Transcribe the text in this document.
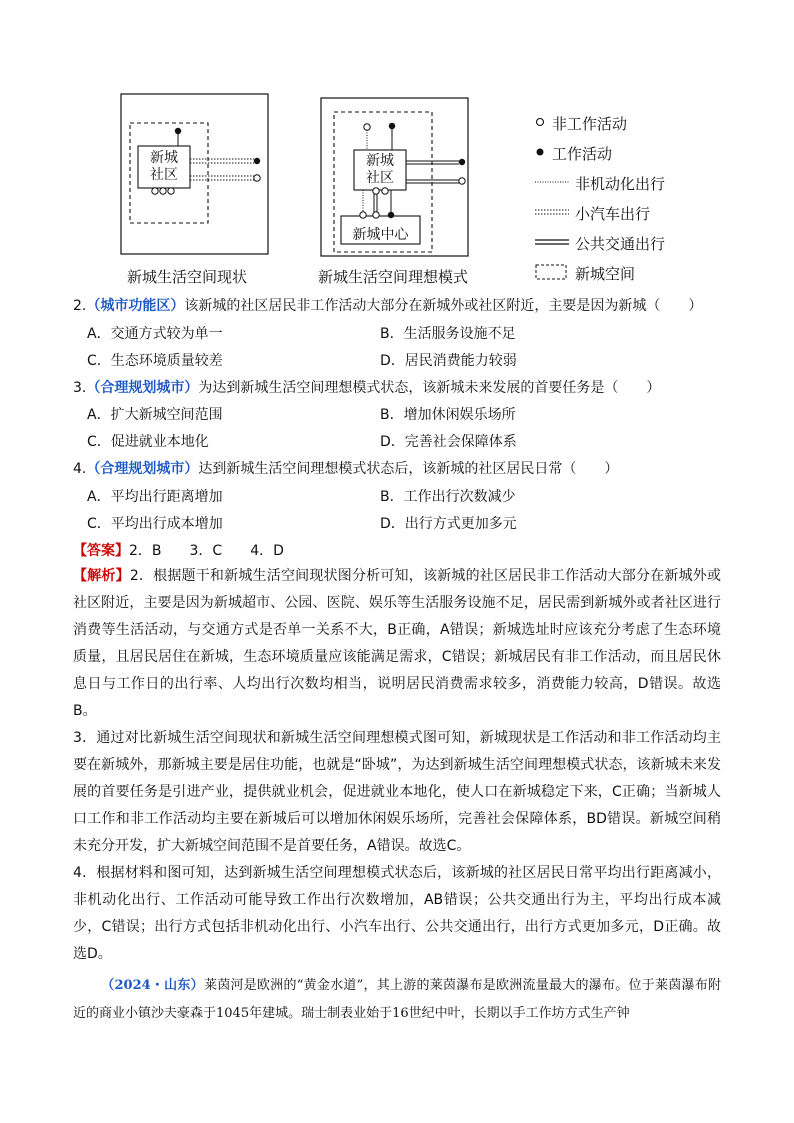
新城
社区
新城
社区
新城中心
新城生活空间现状	新城生活空间理想模式
非工作活动
工作活动
非机动化出行
小汽车出行
公共交通出行
新城空间
2.（城市功能区）该新城的社区居民非工作活动大部分在新城外或社区附近，主要是因为新城（　　）
A．交通方式较为单一	B．生活服务设施不足
C．生态环境质量较差	D．居民消费能力较弱
3.（合理规划城市）为达到新城生活空间理想模式状态，该新城未来发展的首要任务是（　　）
A．扩大新城空间范围	B．增加休闲娱乐场所
C．促进就业本地化	D．完善社会保障体系
4.（合理规划城市）达到新城生活空间理想模式状态后，该新城的社区居民日常（　　）
A．平均出行距离增加	B．工作出行次数减少
C．平均出行成本增加	D．出行方式更加多元
【答案】2．B　　3．C　　4．D
【解析】2．根据题干和新城生活空间现状图分析可知，该新城的社区居民非工作活动大部分在新城外或社区附近，主要是因为新城超市、公园、医院、娱乐等生活服务设施不足，居民需到新城外或者社区进行消费等生活活动，与交通方式是否单一关系不大，B正确，A错误；新城选址时应该充分考虑了生态环境质量，且居民居住在新城，生态环境质量应该能满足需求，C错误；新城居民有非工作活动，而且居民休息日与工作日的出行率、人均出行次数均相当，说明居民消费需求较多，消费能力较高，D错误。故选B。
3．通过对比新城生活空间现状和新城生活空间理想模式图可知，新城现状是工作活动和非工作活动均主要在新城外，那新城主要是居住功能，也就是“卧城”，为达到新城生活空间理想模式状态，该新城未来发展的首要任务是引进产业，提供就业机会，促进就业本地化，使人口在新城稳定下来，C正确；当新城人口工作和非工作活动均主要在新城后可以增加休闲娱乐场所，完善社会保障体系，BD错误。新城空间稍未充分开发，扩大新城空间范围不是首要任务，A错误。故选C。
4．根据材料和图可知，达到新城生活空间理想模式状态后，该新城的社区居民日常平均出行距离减小，非机动化出行、工作活动可能导致工作出行次数增加，AB错误；公共交通出行为主，平均出行成本减少，C错误；出行方式包括非机动化出行、小汽车出行、公共交通出行，出行方式更加多元，D正确。故选D。
（2024・山东）莱茵河是欧洲的“黄金水道”，其上游的莱茵瀑布是欧洲流量最大的瀑布。位于莱茵瀑布附近的商业小镇沙夫豪森于1045年建城。瑞士制表业始于16世纪中叶，长期以手工作坊方式生产钟
